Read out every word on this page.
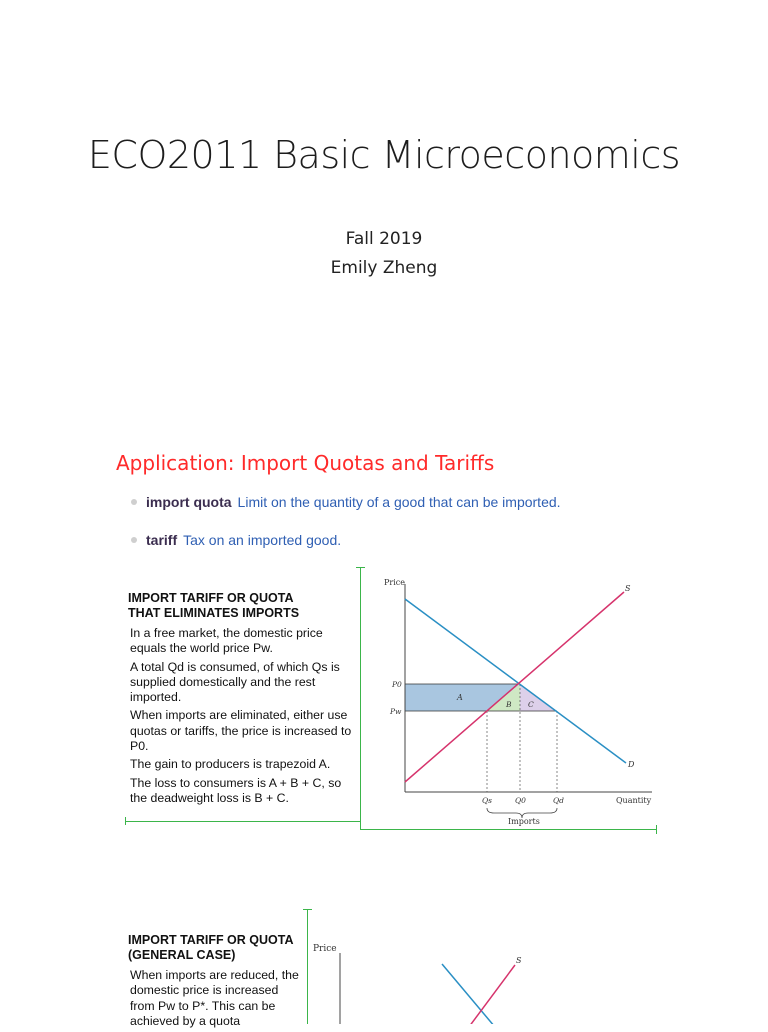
ECO2011 Basic Microeconomics
Fall 2019
Emily Zheng
Application: Import Quotas and Tariffs
import quota Limit on the quantity of a good that can be imported.
tariff Tax on an imported good.
IMPORT TARIFF OR QUOTA
THAT ELIMINATES IMPORTS

In a free market, the domestic price equals the world price Pw.

A total Qd is consumed, of which Qs is supplied domestically and the rest imported.

When imports are eliminated, either use quotas or tariffs, the price is increased to P0.

The gain to producers is trapezoid A.

The loss to consumers is A + B + C, so the deadweight loss is B + C.

Price
Quantity
S
D
P0
Pw
A
B C
Qs	Q0	Qd
Imports
IMPORT TARIFF OR QUOTA
(GENERAL CASE)

When imports are reduced, the domestic price is increased from Pw to P*. This can be achieved by a quota

Price
S
